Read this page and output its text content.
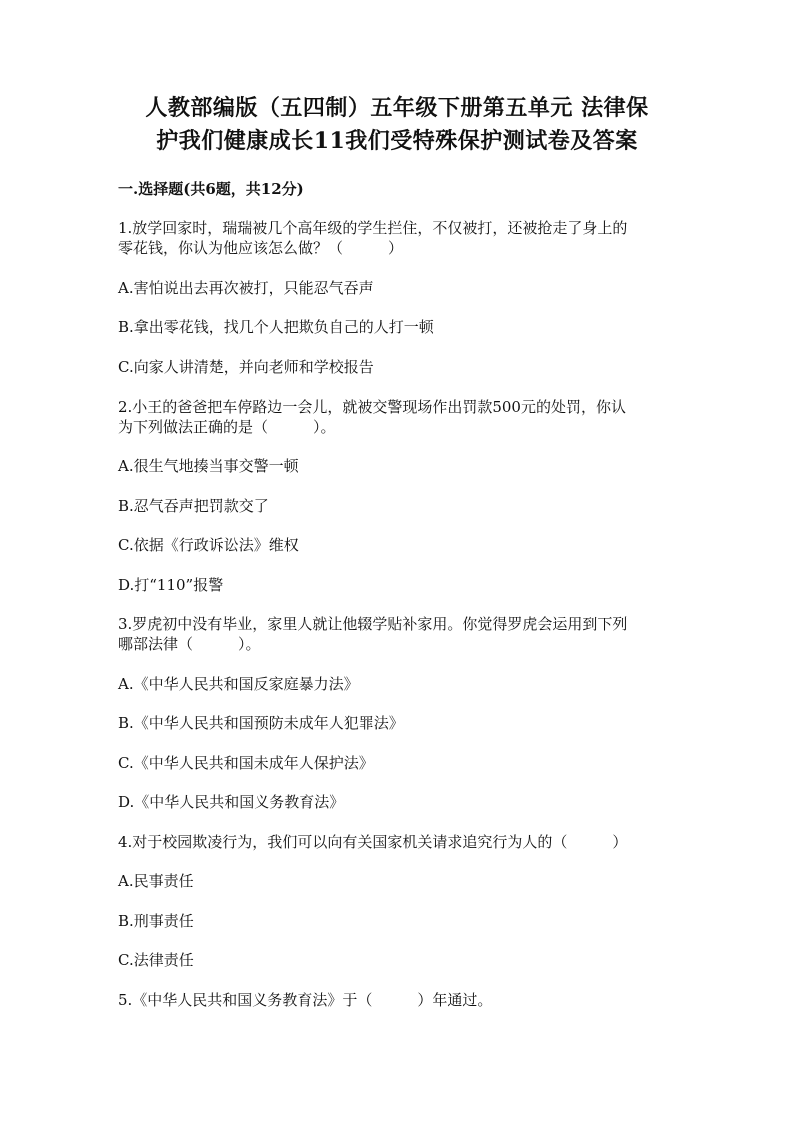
人教部编版（五四制）五年级下册第五单元 法律保
护我们健康成长11我们受特殊保护测试卷及答案
一.选择题(共6题，共12分)
1.放学回家时，瑞瑞被几个高年级的学生拦住，不仅被打，还被抢走了身上的
零花钱，你认为他应该怎么做？（　　　）
A.害怕说出去再次被打，只能忍气吞声
B.拿出零花钱，找几个人把欺负自己的人打一顿
C.向家人讲清楚，并向老师和学校报告
2.小王的爸爸把车停路边一会儿，就被交警现场作出罚款500元的处罚，你认
为下列做法正确的是（　　　）。
A.很生气地揍当事交警一顿
B.忍气吞声把罚款交了
C.依据《行政诉讼法》维权
D.打“110”报警
3.罗虎初中没有毕业，家里人就让他辍学贴补家用。你觉得罗虎会运用到下列
哪部法律（　　　）。
A.《中华人民共和国反家庭暴力法》
B.《中华人民共和国预防未成年人犯罪法》
C.《中华人民共和国未成年人保护法》
D.《中华人民共和国义务教育法》
4.对于校园欺凌行为，我们可以向有关国家机关请求追究行为人的（　　　）
A.民事责任
B.刑事责任
C.法律责任
5.《中华人民共和国义务教育法》于（　　　）年通过。
